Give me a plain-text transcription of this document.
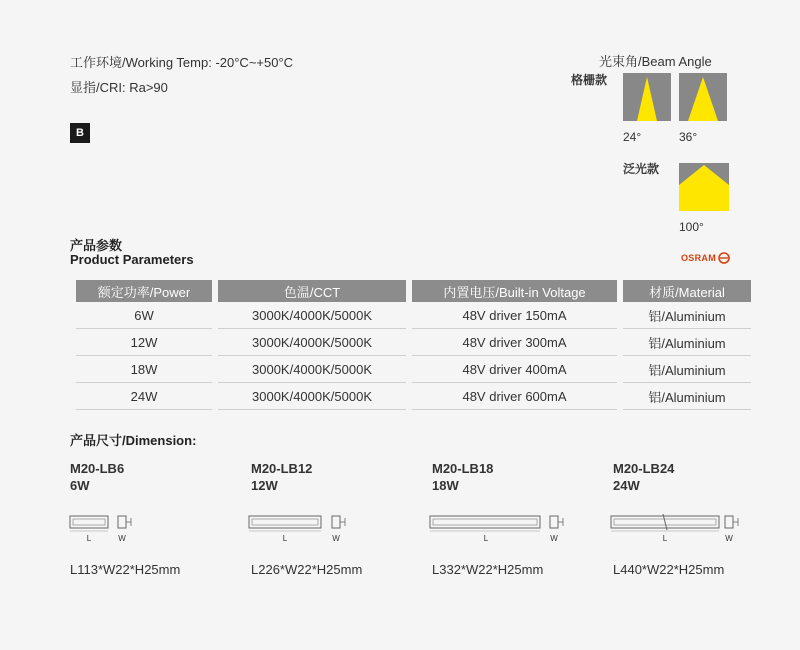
工作环境/Working Temp: -20°C~+50°C
显指/CRI: Ra>90
B
光束角/Beam Angle
格栅款
24°	36°
泛光款
100°
产品参数
Product Parameters	OSRAM
额定功率/Power	色温/CCT	内置电压/Built-in Voltage	材质/Material
6W	3000K/4000K/5000K	48V driver 150mA	铝/Aluminium
12W	3000K/4000K/5000K	48V driver 300mA	铝/Aluminium
18W	3000K/4000K/5000K	48V driver 400mA	铝/Aluminium
24W	3000K/4000K/5000K	48V driver 600mA	铝/Aluminium
产品尺寸/Dimension:
M20-LB6
6W
L	W
L113*W22*H25mm
M20-LB12
12W
L	W
L226*W22*H25mm
M20-LB18
18W
L	W
L332*W22*H25mm
M20-LB24
24W
L	W
L440*W22*H25mm
